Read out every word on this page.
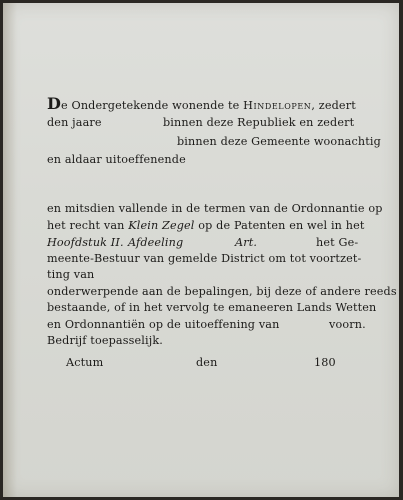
De Ondergetekende wonende te Hindelopen, zedert
den jaare	binnen deze Republiek en zedert
binnen deze Gemeente woonachtig
en aldaar uitoeffenende
en mitsdien vallende in de termen van de Ordonnantie op
het recht van Klein Zegel op de Patenten en wel in het
Hoofdstuk II. Afdeeling	Art.	het Ge-
meente-Bestuur van gemelde District om tot voortzet-
ting van
onderwerpende aan de bepalingen, bij deze of andere reeds
bestaande, of in het vervolg te emaneeren Lands Wetten
en Ordonnantiën op de uitoeffening van	voorn.
Bedrijf toepasselijk.
Actum	den	180
